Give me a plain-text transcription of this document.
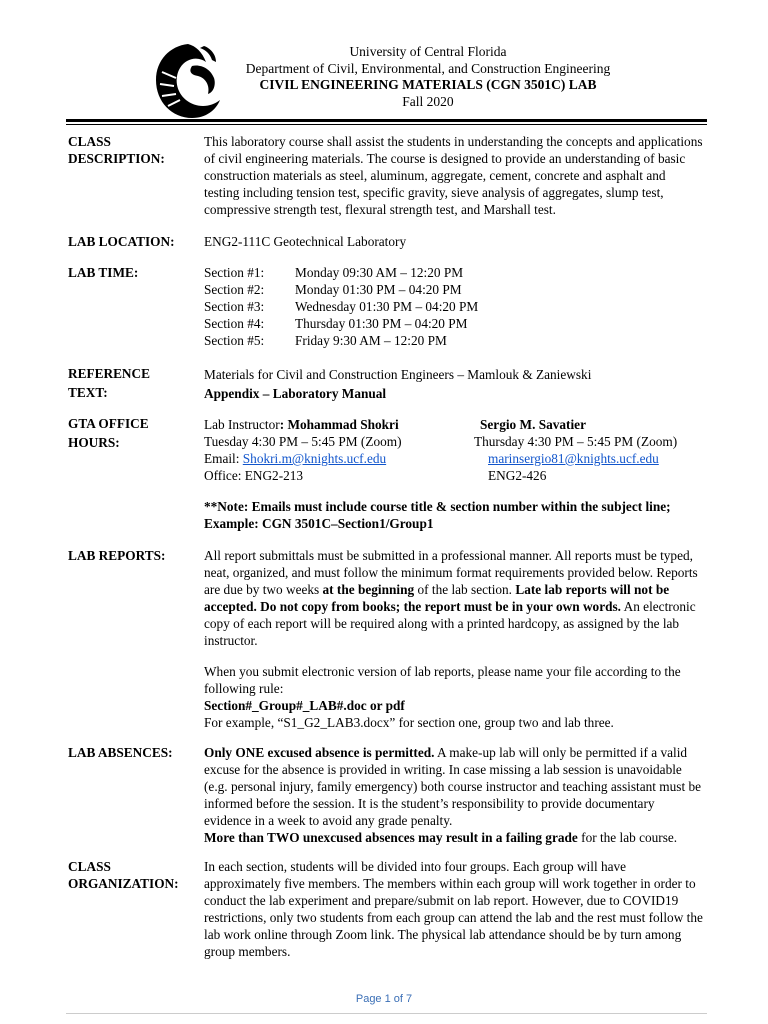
University of Central Florida
Department of Civil, Environmental, and Construction Engineering
CIVIL ENGINEERING MATERIALS (CGN 3501C) LAB
Fall 2020
CLASS
DESCRIPTION:
This laboratory course shall assist the students in understanding the concepts and applications of civil engineering materials. The course is designed to provide an understanding of basic construction materials as steel, aluminum, aggregate, cement, concrete and asphalt and testing including tension test, specific gravity, sieve analysis of aggregates, slump test, compressive strength test, flexural strength test, and Marshall test.
LAB LOCATION: ENG2-111C Geotechnical Laboratory
LAB TIME:	Section #1:	Monday 09:30 AM – 12:20 PM
Section #2:	Monday 01:30 PM – 04:20 PM
Section #3:	Wednesday 01:30 PM – 04:20 PM
Section #4:	Thursday 01:30 PM – 04:20 PM
Section #5:	Friday 9:30 AM – 12:20 PM
REFERENCE
TEXT:
Materials for Civil and Construction Engineers – Mamlouk & Zaniewski
Appendix – Laboratory Manual
GTA OFFICE
HOURS:
Lab Instructor: Mohammad Shokri
Tuesday 4:30 PM – 5:45 PM (Zoom)
Email: Shokri.m@knights.ucf.edu
Office: ENG2-213
Sergio M. Savatier
Thursday 4:30 PM – 5:45 PM (Zoom)
marinsergio81@knights.ucf.edu
ENG2-426
**Note: Emails must include course title & section number within the subject line;
Example: CGN 3501C–Section1/Group1
LAB REPORTS:	All report submittals must be submitted in a professional manner. All reports must be typed, neat, organized, and must follow the minimum format requirements provided below. Reports are due by two weeks at the beginning of the lab section. Late lab reports will not be accepted. Do not copy from books; the report must be in your own words. An electronic copy of each report will be required along with a printed hardcopy, as assigned by the lab instructor.
When you submit electronic version of lab reports, please name your file according to the following rule:
Section#_Group#_LAB#.doc or pdf
For example, “S1_G2_LAB3.docx” for section one, group two and lab three.
LAB ABSENCES: Only ONE excused absence is permitted. A make-up lab will only be permitted if a valid excuse for the absence is provided in writing. In case missing a lab session is unavoidable (e.g. personal injury, family emergency) both course instructor and teaching assistant must be informed before the session. It is the student’s responsibility to provide documentary evidence in a week to avoid any grade penalty.
More than TWO unexcused absences may result in a failing grade for the lab course.
CLASS
ORGANIZATION:
In each section, students will be divided into four groups. Each group will have approximately five members. The members within each group will work together in order to conduct the lab experiment and prepare/submit on lab report. However, due to COVID19 restrictions, only two students from each group can attend the lab and the rest must follow the lab work online through Zoom link. The physical lab attendance should be by turn among group members.
Page 1 of 7
